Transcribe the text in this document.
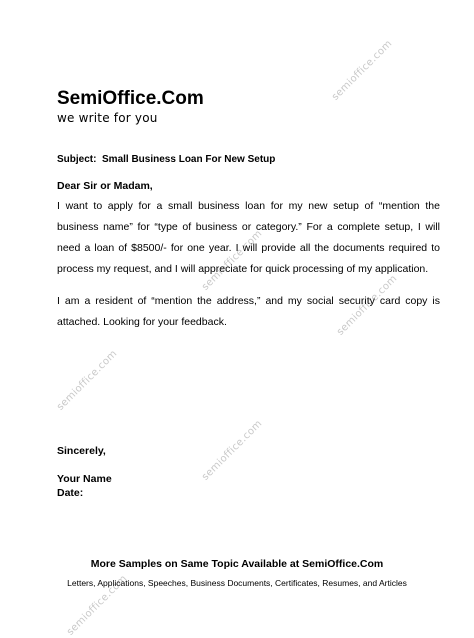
semioffice.com
semioffice.com
semioffice.com
semioffice.com
semioffice.com
semioffice.com
SemiOffice.Com
we write for you
Subject:  Small Business Loan For New Setup
Dear Sir or Madam,
I want to apply for a small business loan for my new setup of “mention the business name” for “type of business or category.” For a complete setup, I will need a loan of $8500/- for one year. I will provide all the documents required to process my request, and I will appreciate for quick processing of my application.
I am a resident of “mention the address,” and my social security card copy is attached. Looking for your feedback.
Sincerely,
Your Name
Date:
More Samples on Same Topic Available at SemiOffice.Com
Letters, Applications, Speeches, Business Documents, Certificates, Resumes, and Articles
